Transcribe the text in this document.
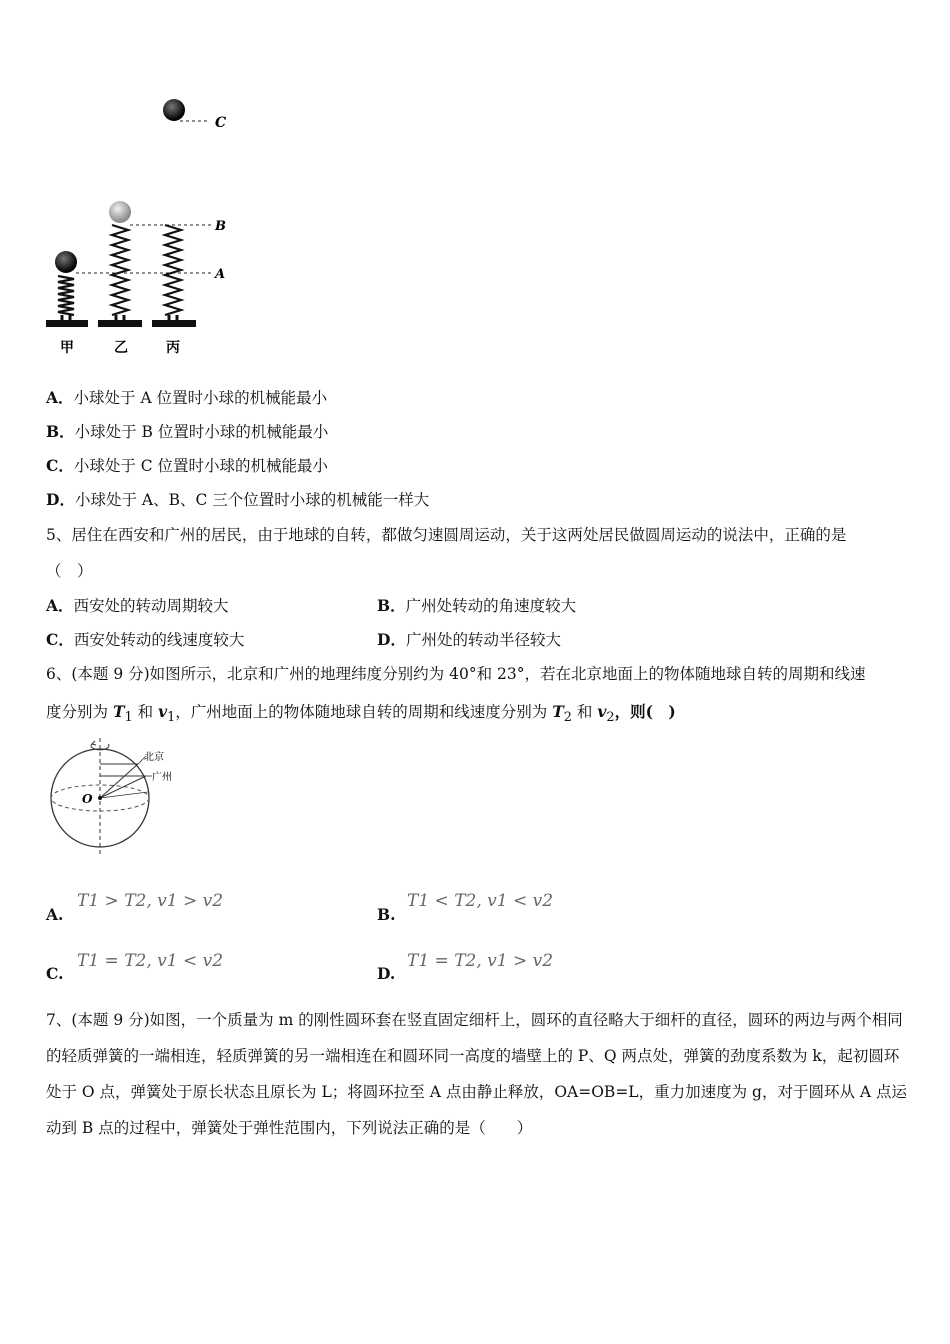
C
B
A
甲	乙	丙
A．小球处于 A 位置时小球的机械能最小
B．小球处于 B 位置时小球的机械能最小
C．小球处于 C 位置时小球的机械能最小
D．小球处于 A、B、C 三个位置时小球的机械能一样大
5、居住在西安和广州的居民，由于地球的自转，都做匀速圆周运动，关于这两处居民做圆周运动的说法中，正确的是
（　）
A．西安处的转动周期较大	B．广州处转动的角速度较大
C．西安处转动的线速度较大	D．广州处的转动半径较大
6、(本题 9 分)如图所示，北京和广州的地理纬度分别约为 40°和 23°，若在北京地面上的物体随地球自转的周期和线速
度分别为 $T_1$ 和 $v_1$，广州地面上的物体随地球自转的周期和线速度分别为 $T_2$ 和 $v_2$，则(　)
北京
广州
O
A.
T1 > T2, v1 > v2
B.
T1 < T2, v1 < v2
C.
T1 = T2, v1 < v2
D.
T1 = T2, v1 > v2
7、(本题 9 分)如图，一个质量为 m 的刚性圆环套在竖直固定细杆上，圆环的直径略大于细杆的直径，圆环的两边与两个相同的轻质弹簧的一端相连，轻质弹簧的另一端相连在和圆环同一高度的墙壁上的 P、Q 两点处，弹簧的劲度系数为 k，起初圆环处于 O 点，弹簧处于原长状态且原长为 L；将圆环拉至 A 点由静止释放，OA=OB=L，重力加速度为 g，对于圆环从 A 点运动到 B 点的过程中，弹簧处于弹性范围内，下列说法正确的是（　　）
